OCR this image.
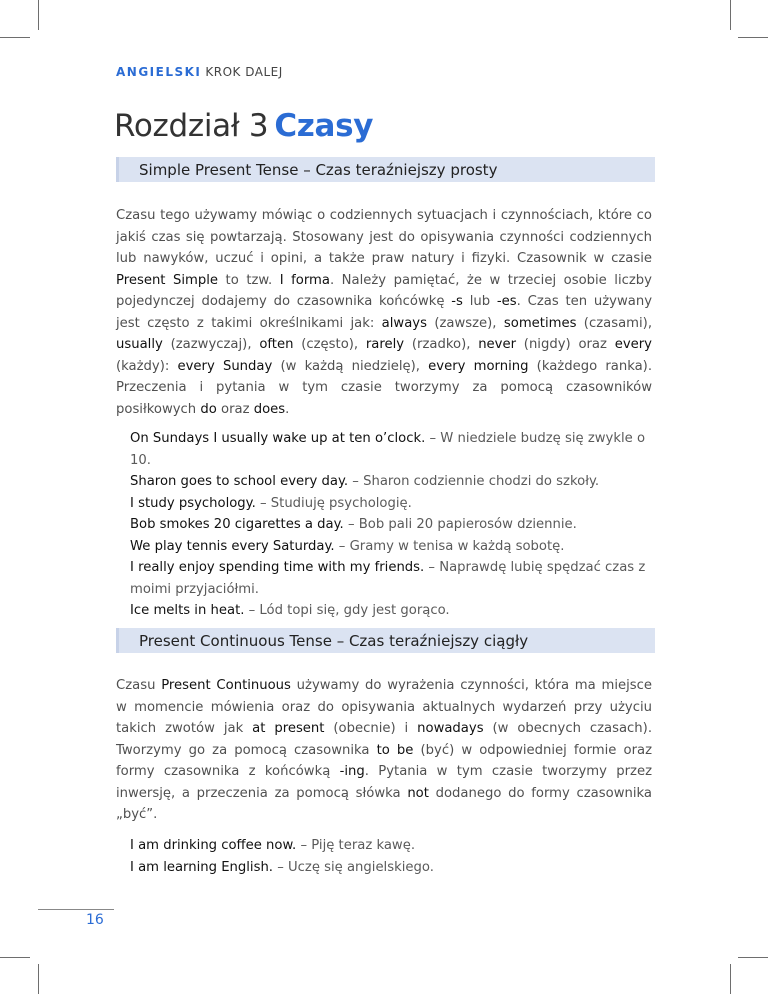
ANGIELSKI KROK DALEJ
Rozdział 3 Czasy
Simple Present Tense – Czas teraźniejszy prosty
Czasu tego używamy mówiąc o codziennych sytuacjach i czynnościach, które co jakiś czas się powtarzają. Stosowany jest do opisywania czynności codziennych lub nawyków, uczuć i opini, a także praw natury i fizyki. Czasownik w czasie Present Simple to tzw. I forma. Należy pamiętać, że w trzeciej osobie liczby pojedynczej dodajemy do czasownika końcówkę -s lub -es. Czas ten używany jest często z takimi określnikami jak: always (zawsze), sometimes (czasami), usually (zazwyczaj), often (często), rarely (rzadko), never (nigdy) oraz every (każdy): every Sunday (w każdą niedzielę), every morning (każdego ranka). Przeczenia i pytania w tym czasie tworzymy za pomocą czasowników posiłkowych do oraz does.

On Sundays I usually wake up at ten o’clock. – W niedziele budzę się zwykle o 10.

Sharon goes to school every day. – Sharon codziennie chodzi do szkoły.

I study psychology. – Studiuję psychologię.

Bob smokes 20 cigarettes a day. – Bob pali 20 papierosów dziennie.

We play tennis every Saturday. – Gramy w tenisa w każdą sobotę.

I really enjoy spending time with my friends. – Naprawdę lubię spędzać czas z moimi przyjaciółmi.

Ice melts in heat. – Lód topi się, gdy jest gorąco.

Present Continuous Tense – Czas teraźniejszy ciągły
Czasu Present Continuous używamy do wyrażenia czynności, która ma miejsce w momencie mówienia oraz do opisywania aktualnych wydarzeń przy użyciu takich zwotów jak at present (obecnie) i nowadays (w obecnych czasach). Tworzymy go za pomocą czasownika to be (być) w odpowiedniej formie oraz formy czasownika z końcówką -ing. Pytania w tym czasie tworzymy przez inwersję, a przeczenia za pomocą słówka not dodanego do formy czasownika „być”.

I am drinking coffee now. – Piję teraz kawę.

I am learning English. – Uczę się angielskiego.

16
